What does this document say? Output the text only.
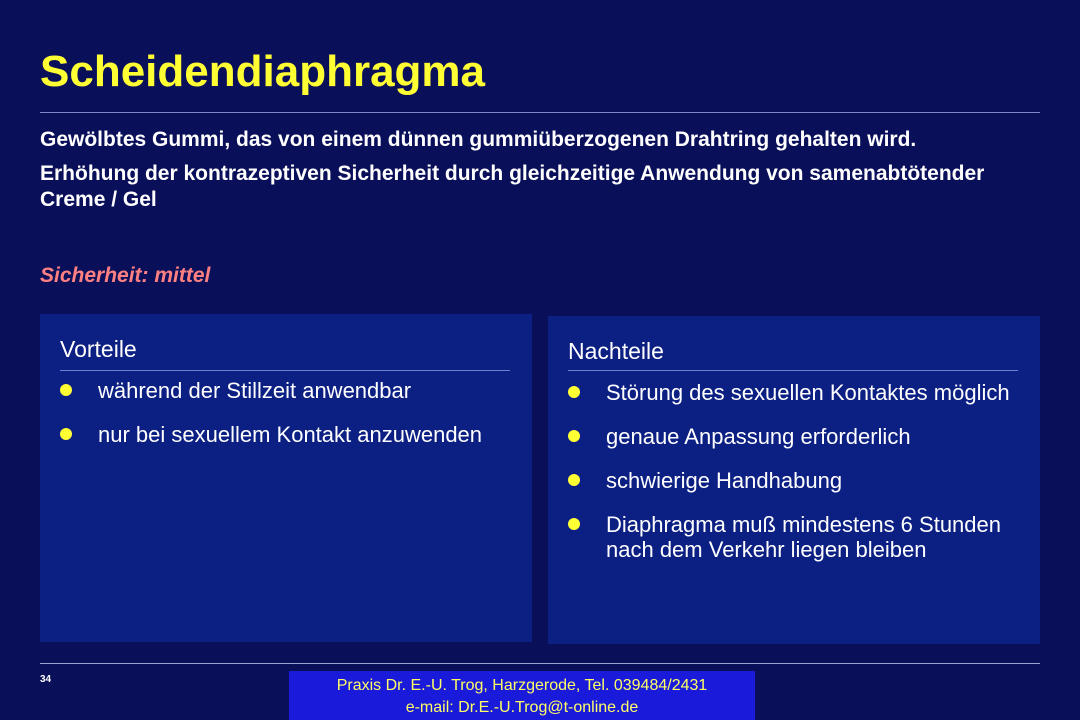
Scheidendiaphragma

Gewölbtes Gummi, das von einem dünnen gummiüberzogenen Drahtring gehalten wird.

Erhöhung der kontrazeptiven Sicherheit durch gleichzeitige Anwendung von samenabtötender Creme / Gel

Sicherheit: mittel
Vorteile
während der Stillzeit anwendbar
nur bei sexuellem Kontakt anzuwenden
Nachteile
Störung des sexuellen Kontaktes möglich
genaue Anpassung erforderlich
schwierige Handhabung
Diaphragma muß mindestens 6 Stunden nach dem Verkehr liegen bleiben
34	Praxis Dr. E.-U. Trog, Harzgerode, Tel. 039484/2431
e-mail: Dr.E.-U.Trog@t-online.de
